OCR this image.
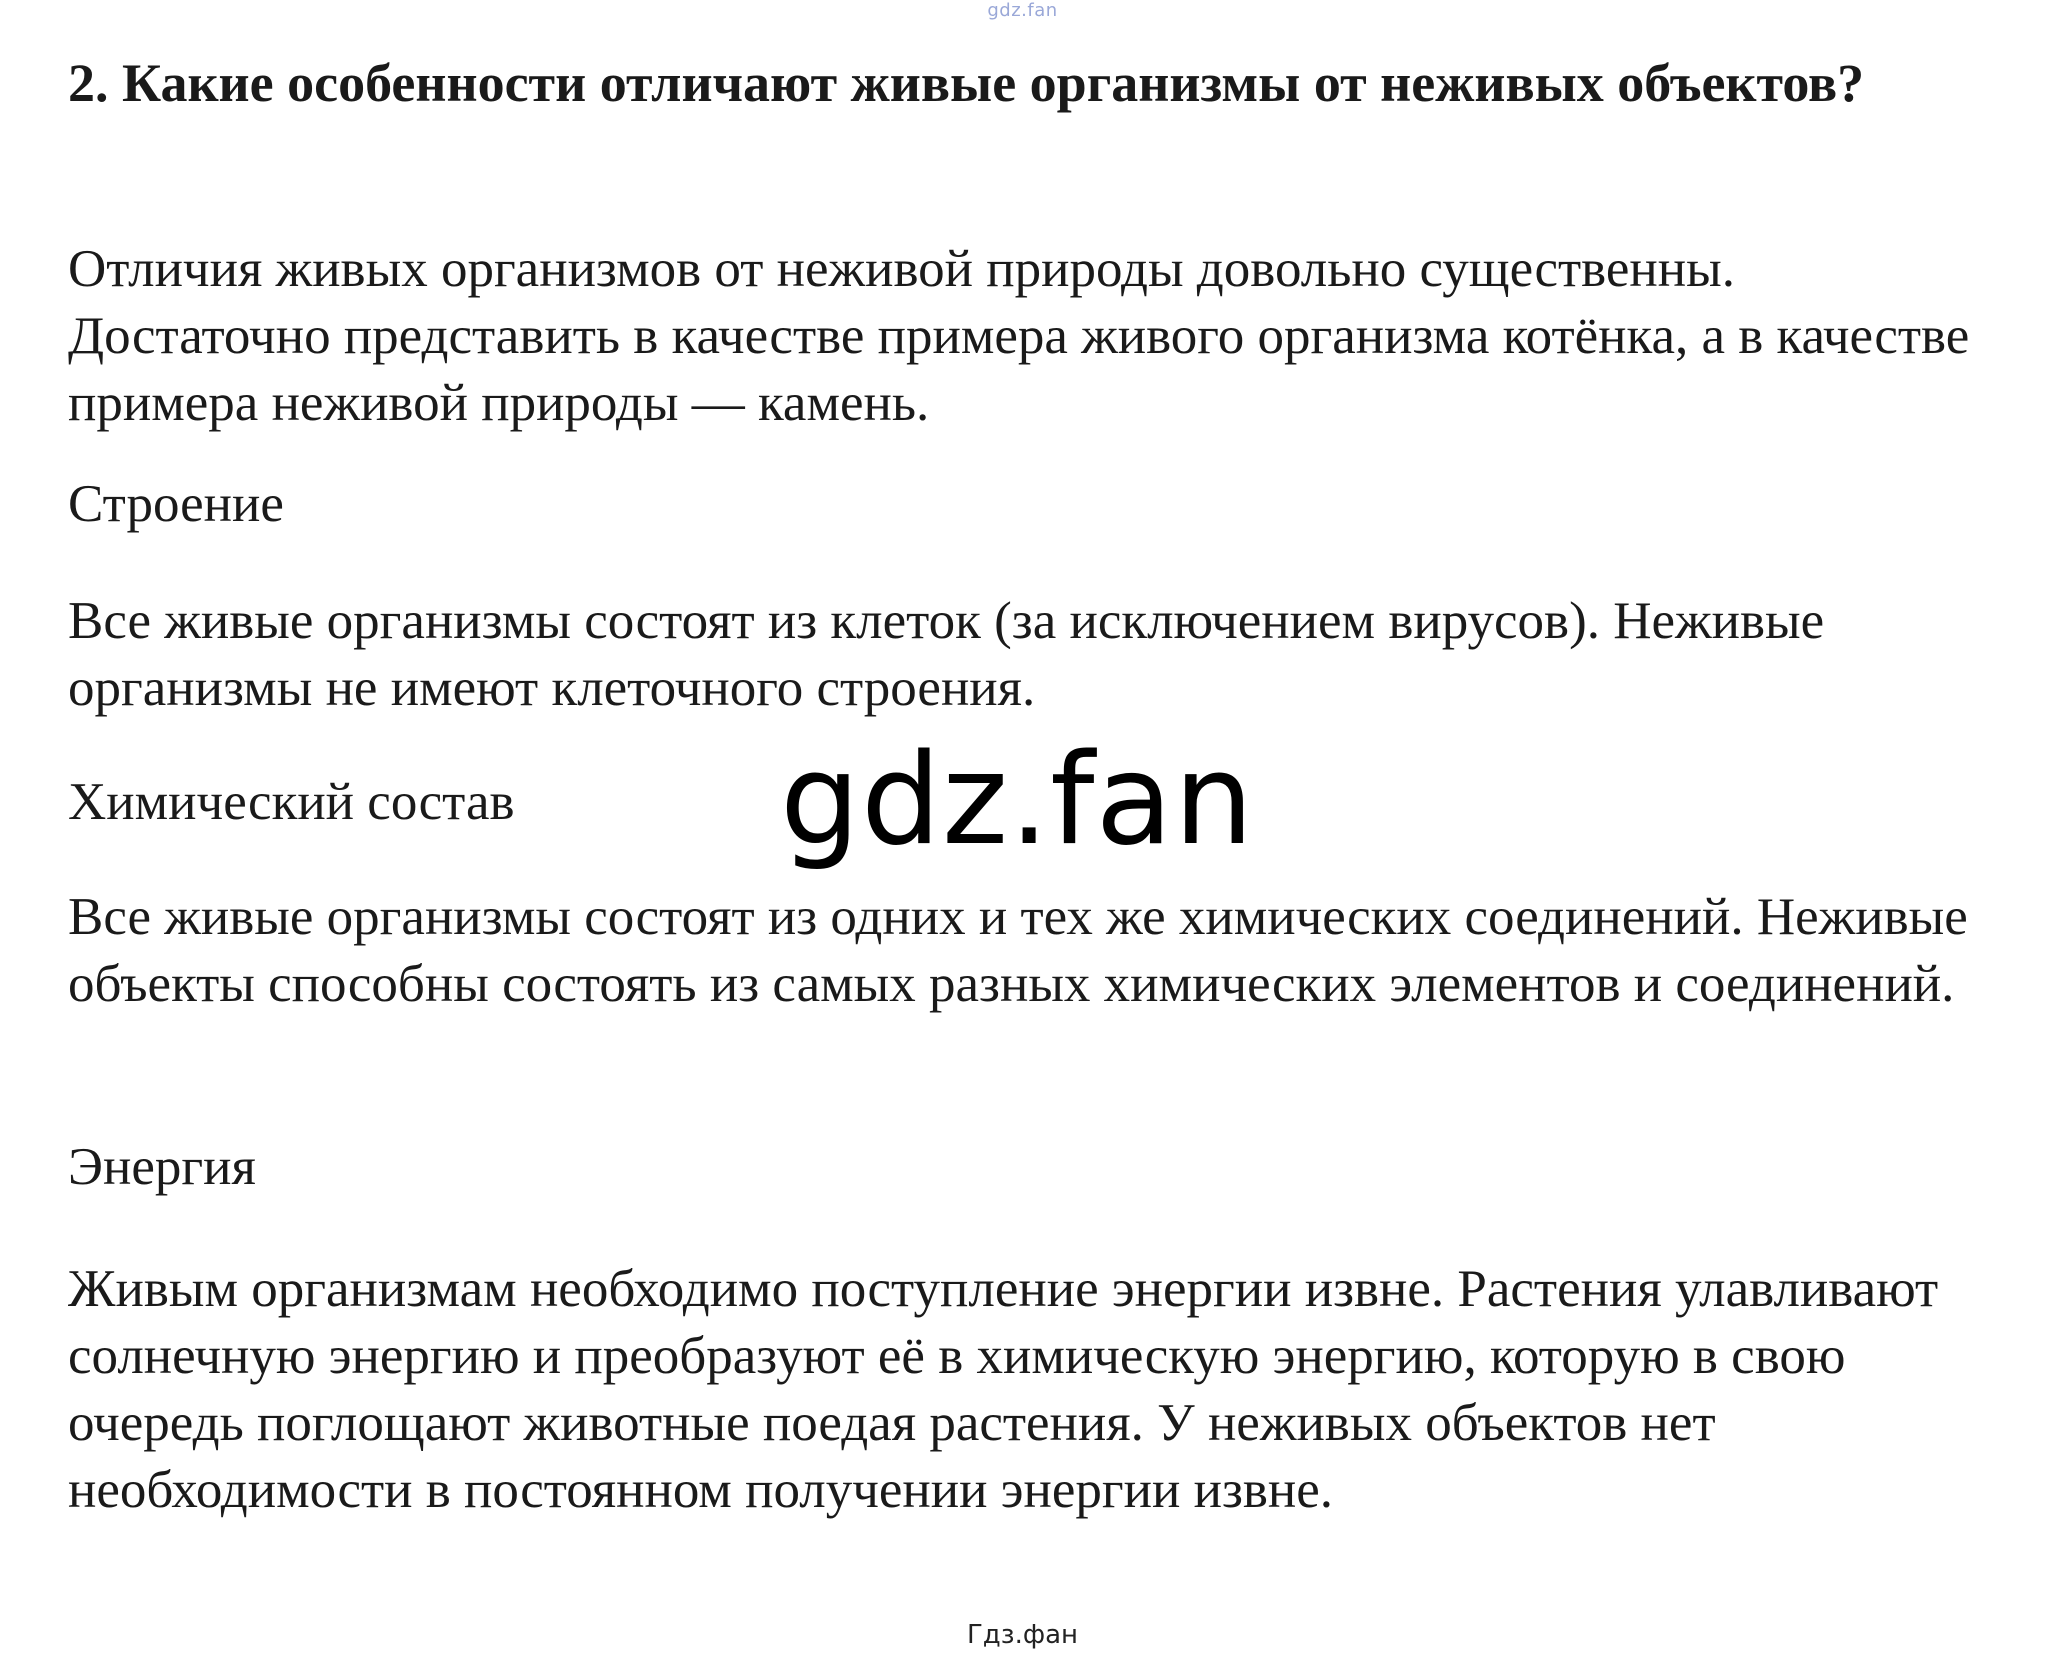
gdz.fan

2. Какие особенности отличают живые организмы от неживых объектов?

Отличия живых организмов от неживой природы довольно существенны. Достаточно представить в качестве примера живого организма котёнка, а в качестве примера неживой природы — камень.

Строение

Все живые организмы состоят из клеток (за исключением вирусов). Неживые организмы не имеют клеточного строения.

Химический состав

Все живые организмы состоят из одних и тех же химических соединений. Неживые объекты способны состоять из самых разных химических элементов и соединений.

Энергия

Живым организмам необходимо поступление энергии извне. Растения улавливают солнечную энергию и преобразуют её в химическую энергию, которую в свою очередь поглощают животные поедая растения. У неживых объектов нет необходимости в постоянном получении энергии извне.

gdz.fan
Гдз.фан
